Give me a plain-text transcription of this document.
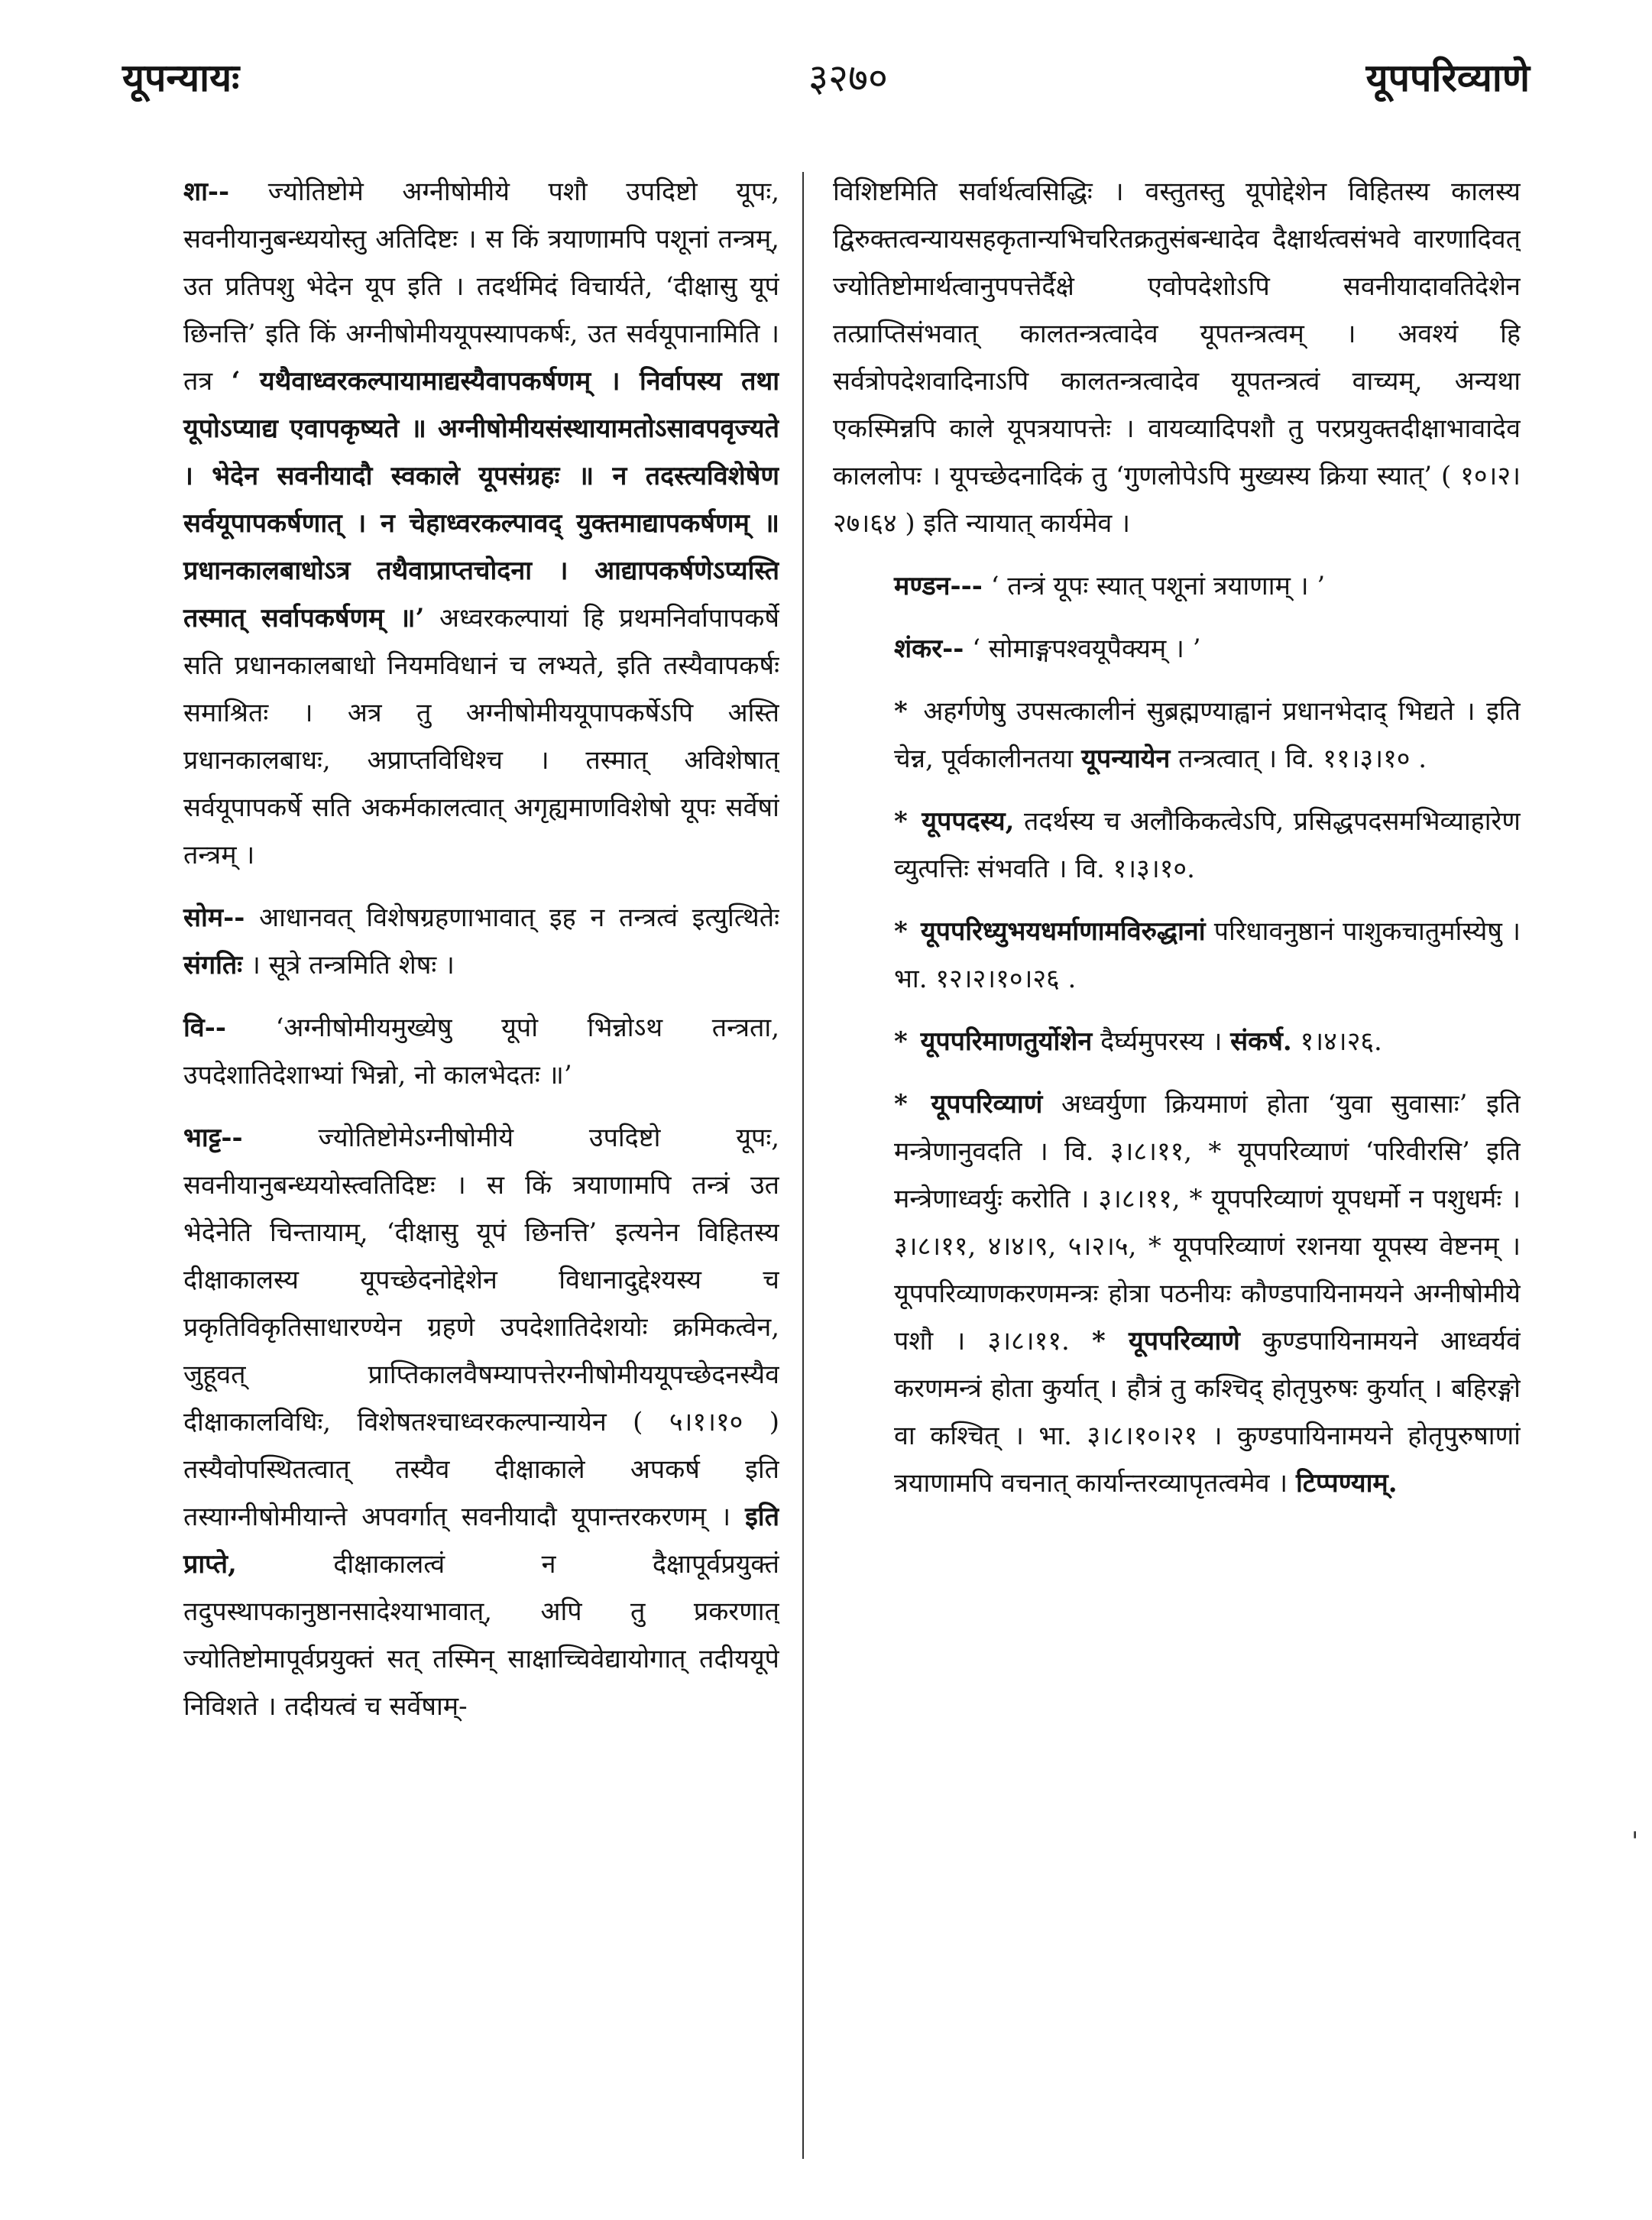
यूपन्यायः	३२७०	यूपपरिव्याणे

शा-- ज्योतिष्टोमे अग्नीषोमीये पशौ उपदिष्टो यूपः, सवनीयानुबन्ध्ययोस्तु अतिदिष्टः । स किं त्रयाणामपि पशूनां तन्त्रम्, उत प्रतिपशु भेदेन यूप इति । तदर्थमिदं विचार्यते, ‘दीक्षासु यूपं छिनत्ति’ इति किं अग्नीषोमीययूपस्यापकर्षः, उत सर्वयूपानामिति । तत्र ‘ यथैवाध्वरकल्पायामाद्यस्यैवापकर्षणम् । निर्वापस्य तथा यूपोऽप्याद्य एवापकृष्यते ॥ अग्नीषोमीयसंस्थायामतोऽसावपवृज्यते । भेदेन सवनीयादौ स्वकाले यूपसंग्रहः ॥ न तदस्त्यविशेषेण सर्वयूपापकर्षणात् । न चेहाध्वरकल्पावद् युक्तमाद्यापकर्षणम् ॥ प्रधानकालबाधोऽत्र तथैवाप्राप्तचोदना । आद्यापकर्षणेऽप्यस्ति तस्मात् सर्वापकर्षणम् ॥’ अध्वरकल्पायां हि प्रथमनिर्वापापकर्षे सति प्रधानकालबाधो नियमविधानं च लभ्यते, इति तस्यैवापकर्षः समाश्रितः । अत्र तु अग्नीषोमीययूपापकर्षेऽपि अस्ति प्रधानकालबाधः, अप्राप्तविधिश्च । तस्मात् अविशेषात् सर्वयूपापकर्षे सति अकर्मकालत्वात् अगृह्यमाणविशेषो यूपः सर्वेषां तन्त्रम् ।

सोम-- आधानवत् विशेषग्रहणाभावात् इह न तन्त्रत्वं इत्युत्थितेः संगतिः । सूत्रे तन्त्रमिति शेषः ।

वि-- ‘अग्नीषोमीयमुख्येषु यूपो भिन्नोऽथ तन्त्रता, उपदेशातिदेशाभ्यां भिन्नो, नो कालभेदतः ॥’

भाट्ट--	ज्योतिष्टोमेऽग्नीषोमीये उपदिष्टो यूपः, सवनीयानुबन्ध्ययोस्त्वतिदिष्टः । स किं त्रयाणामपि तन्त्रं उत भेदेनेति चिन्तायाम्, ‘दीक्षासु यूपं छिनत्ति’ इत्यनेन विहितस्य दीक्षाकालस्य यूपच्छेदनोद्देशेन विधानादुद्देश्यस्य च प्रकृतिविकृतिसाधारण्येन ग्रहणे उपदेशातिदेशयोः क्रमिकत्वेन, जुहूवत् प्राप्तिकालवैषम्यापत्तेरग्नीषोमीययूपच्छेदनस्यैव दीक्षाकालविधिः, विशेषतश्चाध्वरकल्पान्यायेन ( ५।१।१० ) तस्यैवोपस्थितत्वात् तस्यैव दीक्षाकाले अपकर्ष इति तस्याग्नीषोमीयान्ते अपवर्गात् सवनीयादौ यूपान्तरकरणम् । इति प्राप्ते,	दीक्षाकालत्वं न दैक्षापूर्वप्रयुक्तं तदुपस्थापकानुष्ठानसादेश्याभावात्, अपि तु प्रकरणात् ज्योतिष्टोमापूर्वप्रयुक्तं सत् तस्मिन् साक्षाच्चिवेद्यायोगात् तदीययूपे निविशते । तदीयत्वं च सर्वेषाम्-

विशिष्टमिति सर्वार्थत्वसिद्धिः । वस्तुतस्तु यूपोद्देशेन विहितस्य कालस्य द्विरुक्तत्वन्यायसहकृतान्यभिचरितक्रतुसंबन्धादेव दैक्षार्थत्वसंभवे वारणादिवत् ज्योतिष्टोमार्थत्वानुपपत्तेर्दैक्षे एवोपदेशोऽपि सवनीयादावतिदेशेन तत्प्राप्तिसंभवात् कालतन्त्रत्वादेव यूपतन्त्रत्वम् । अवश्यं हि सर्वत्रोपदेशवादिनाऽपि कालतन्त्रत्वादेव यूपतन्त्रत्वं वाच्यम्, अन्यथा एकस्मिन्नपि काले यूपत्रयापत्तेः । वायव्यादिपशौ तु परप्रयुक्तदीक्षाभावादेव काललोपः । यूपच्छेदनादिकं तु ‘गुणलोपेऽपि मुख्यस्य क्रिया स्यात्’ ( १०।२।२७।६४ ) इति न्यायात् कार्यमेव ।

मण्डन--- ‘ तन्त्रं यूपः स्यात् पशूनां त्रयाणाम् । ’

शंकर-- ‘ सोमाङ्गपश्वयूपैक्यम् । ’

* अहर्गणेषु उपसत्कालीनं सुब्रह्मण्याह्वानं प्रधानभेदाद् भिद्यते । इति चेन्न, पूर्वकालीनतया यूपन्यायेन तन्त्रत्वात् । वि. ११।३।१० .

* यूपपदस्य, तदर्थस्य च अलौकिकत्वेऽपि, प्रसिद्धपदसमभिव्याहारेण व्युत्पत्तिः संभवति । वि. १।३।१०.

* यूपपरिध्युभयधर्माणामविरुद्धानां परिधावनुष्ठानं पाशुकचातुर्मास्येषु । भा. १२।२।१०।२६ .

* यूपपरिमाणतुर्योशेन दैर्घ्यमुपरस्य । संकर्ष. १।४।२६.

* यूपपरिव्याणं अध्वर्युणा क्रियमाणं होता ‘युवा सुवासाः’ इति मन्त्रेणानुवदति । वि. ३।८।११, * यूपपरिव्याणं ‘परिवीरसि’ इति मन्त्रेणाध्वर्युः करोति । ३।८।११, * यूपपरिव्याणं यूपधर्मो न पशुधर्मः । ३।८।११, ४।४।९, ५।२।५, * यूपपरिव्याणं रशनया यूपस्य वेष्टनम् । यूपपरिव्याणकरणमन्त्रः होत्रा पठनीयः कौण्डपायिनामयने अग्नीषोमीये पशौ । ३।८।११. * यूपपरिव्याणे कुण्डपायिनामयने आध्वर्यवं करणमन्त्रं होता कुर्यात् । हौत्रं तु कश्चिद् होतृपुरुषः कुर्यात् । बहिरङ्गो वा कश्चित् । भा. ३।८।१०।२१ । कुण्डपायिनामयने होतृपुरुषाणां त्रयाणामपि वचनात् कार्यान्तरव्यापृतत्वमेव । टिप्पण्याम्.

'
